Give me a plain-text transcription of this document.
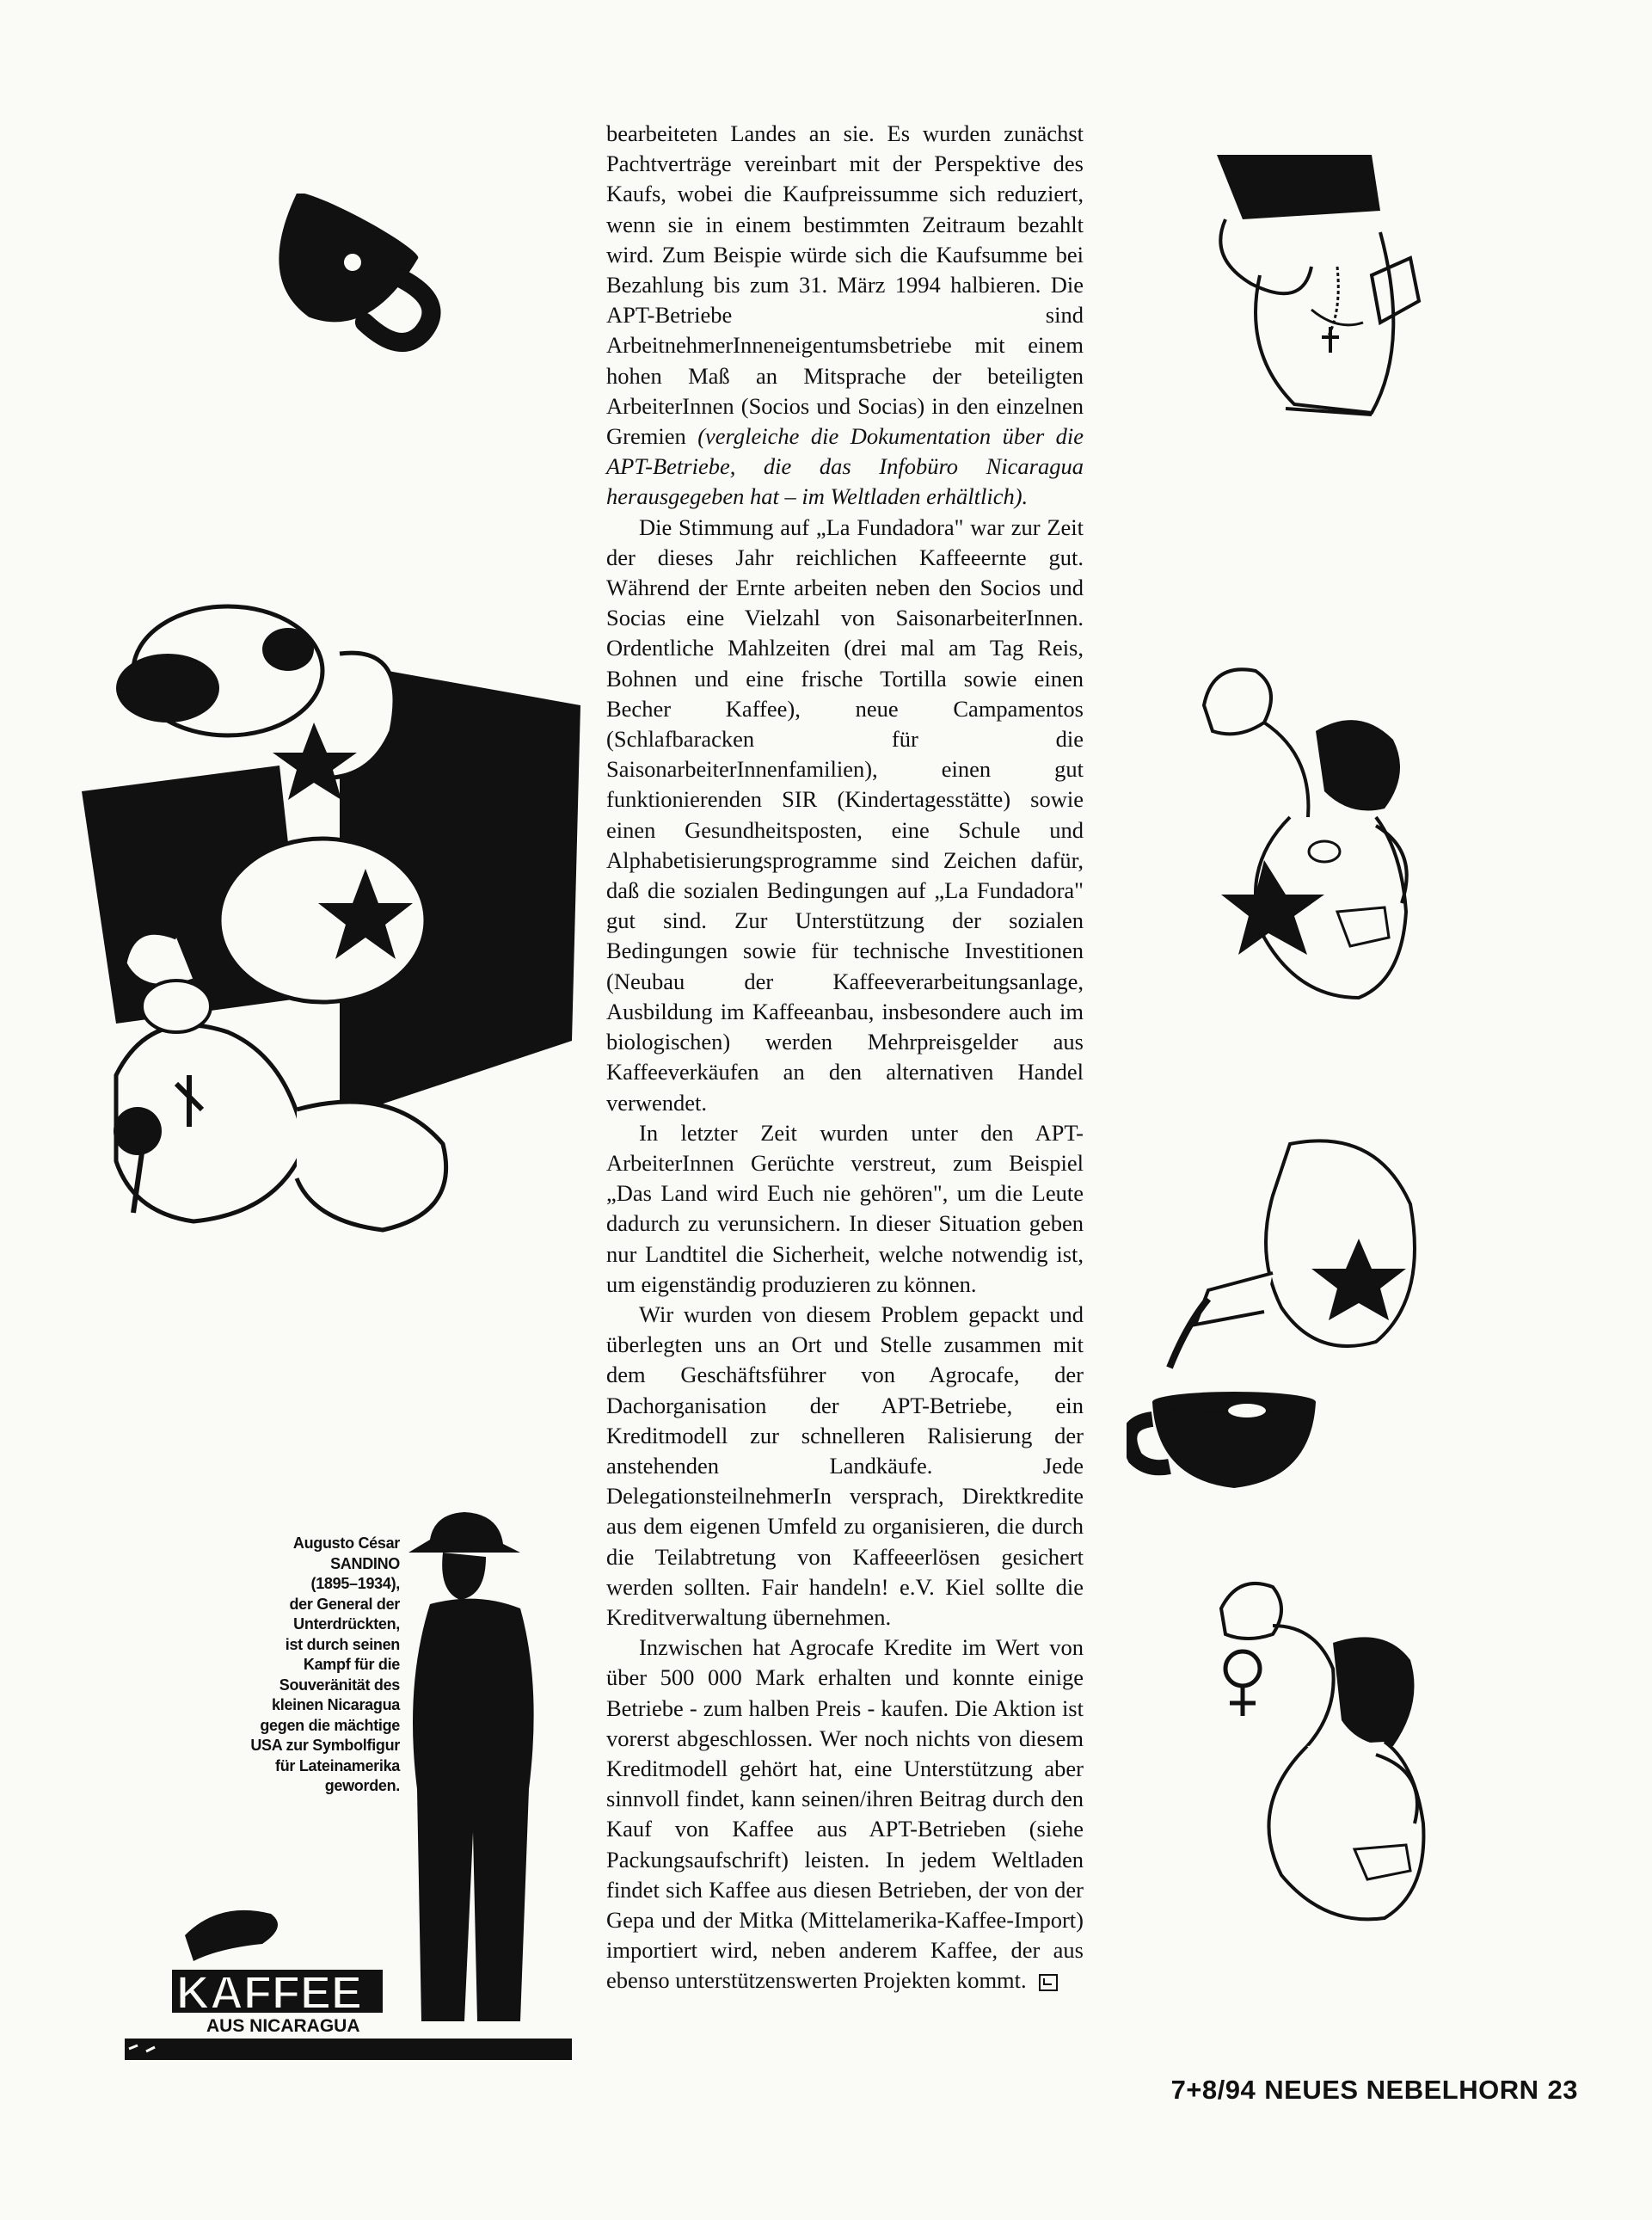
KAFFEE
AUS NICARAGUA

bearbeiteten Landes an sie. Es wurden zunächst Pachtverträge vereinbart mit der Perspektive des Kaufs, wobei die Kaufpreissumme sich reduziert, wenn sie in einem bestimmten Zeitraum bezahlt wird. Zum Beispie würde sich die Kaufsumme bei Bezahlung bis zum 31. März 1994 halbieren. Die APT-Betriebe sind ArbeitnehmerInneneigentumsbetriebe mit einem hohen Maß an Mitsprache der beteiligten ArbeiterInnen (Socios und Socias) in den einzelnen Gremien (vergleiche die Dokumentation über die APT-Betriebe, die das Infobüro Nicaragua herausgegeben hat – im Weltladen erhältlich).

Die Stimmung auf „La Fundadora" war zur Zeit der dieses Jahr reichlichen Kaffeeernte gut. Während der Ernte arbeiten neben den Socios und Socias eine Vielzahl von SaisonarbeiterInnen. Ordentliche Mahlzeiten (drei mal am Tag Reis, Bohnen und eine frische Tortilla sowie einen Becher Kaffee), neue Campamentos (Schlafbaracken für die SaisonarbeiterInnenfamilien), einen gut funktionierenden SIR (Kindertagesstätte) sowie einen Gesundheitsposten, eine Schule und Alphabetisierungsprogramme sind Zeichen dafür, daß die sozialen Bedingungen auf „La Fundadora" gut sind. Zur Unterstützung der sozialen Bedingungen sowie für technische Investitionen (Neubau der Kaffeeverarbeitungsanlage, Ausbildung im Kaffeeanbau, insbesondere auch im biologischen) werden Mehrpreisgelder aus Kaffeeverkäufen an den alternativen Handel verwendet.

In letzter Zeit wurden unter den APT-ArbeiterInnen Gerüchte verstreut, zum Beispiel „Das Land wird Euch nie gehören", um die Leute dadurch zu verunsichern. In dieser Situation geben nur Landtitel die Sicherheit, welche notwendig ist, um eigenständig produzieren zu können.

Wir wurden von diesem Problem gepackt und überlegten uns an Ort und Stelle zusammen mit dem Geschäftsführer von Agrocafe, der Dachorganisation der APT-Betriebe, ein Kreditmodell zur schnelleren Ralisierung der anstehenden Landkäufe. Jede DelegationsteilnehmerIn versprach, Direktkredite aus dem eigenen Umfeld zu organisieren, die durch die Teilabtretung von Kaffeeerlösen gesichert werden sollten. Fair handeln! e.V. Kiel sollte die Kreditverwaltung übernehmen.

Inzwischen hat Agrocafe Kredite im Wert von über 500 000 Mark erhalten und konnte einige Betriebe - zum halben Preis - kaufen. Die Aktion ist vorerst abgeschlossen. Wer noch nichts von diesem Kreditmodell gehört hat, eine Unterstützung aber sinnvoll findet, kann seinen/ihren Beitrag durch den Kauf von Kaffee aus APT-Betrieben (siehe Packungsaufschrift) leisten. In jedem Weltladen findet sich Kaffee aus diesen Betrieben, der von der Gepa und der Mitka (Mittelamerika-Kaffee-Import) importiert wird, neben anderem Kaffee, der aus ebenso unterstützenswerten Projekten kommt.

Augusto César
SANDINO
(1895–1934),
der General der
Unterdrückten,
ist durch seinen
Kampf für die
Souveränität des
kleinen Nicaragua
gegen die mächtige
USA zur Symbolfigur
für Lateinamerika
geworden.
7+8/94 NEUES NEBELHORN 23
